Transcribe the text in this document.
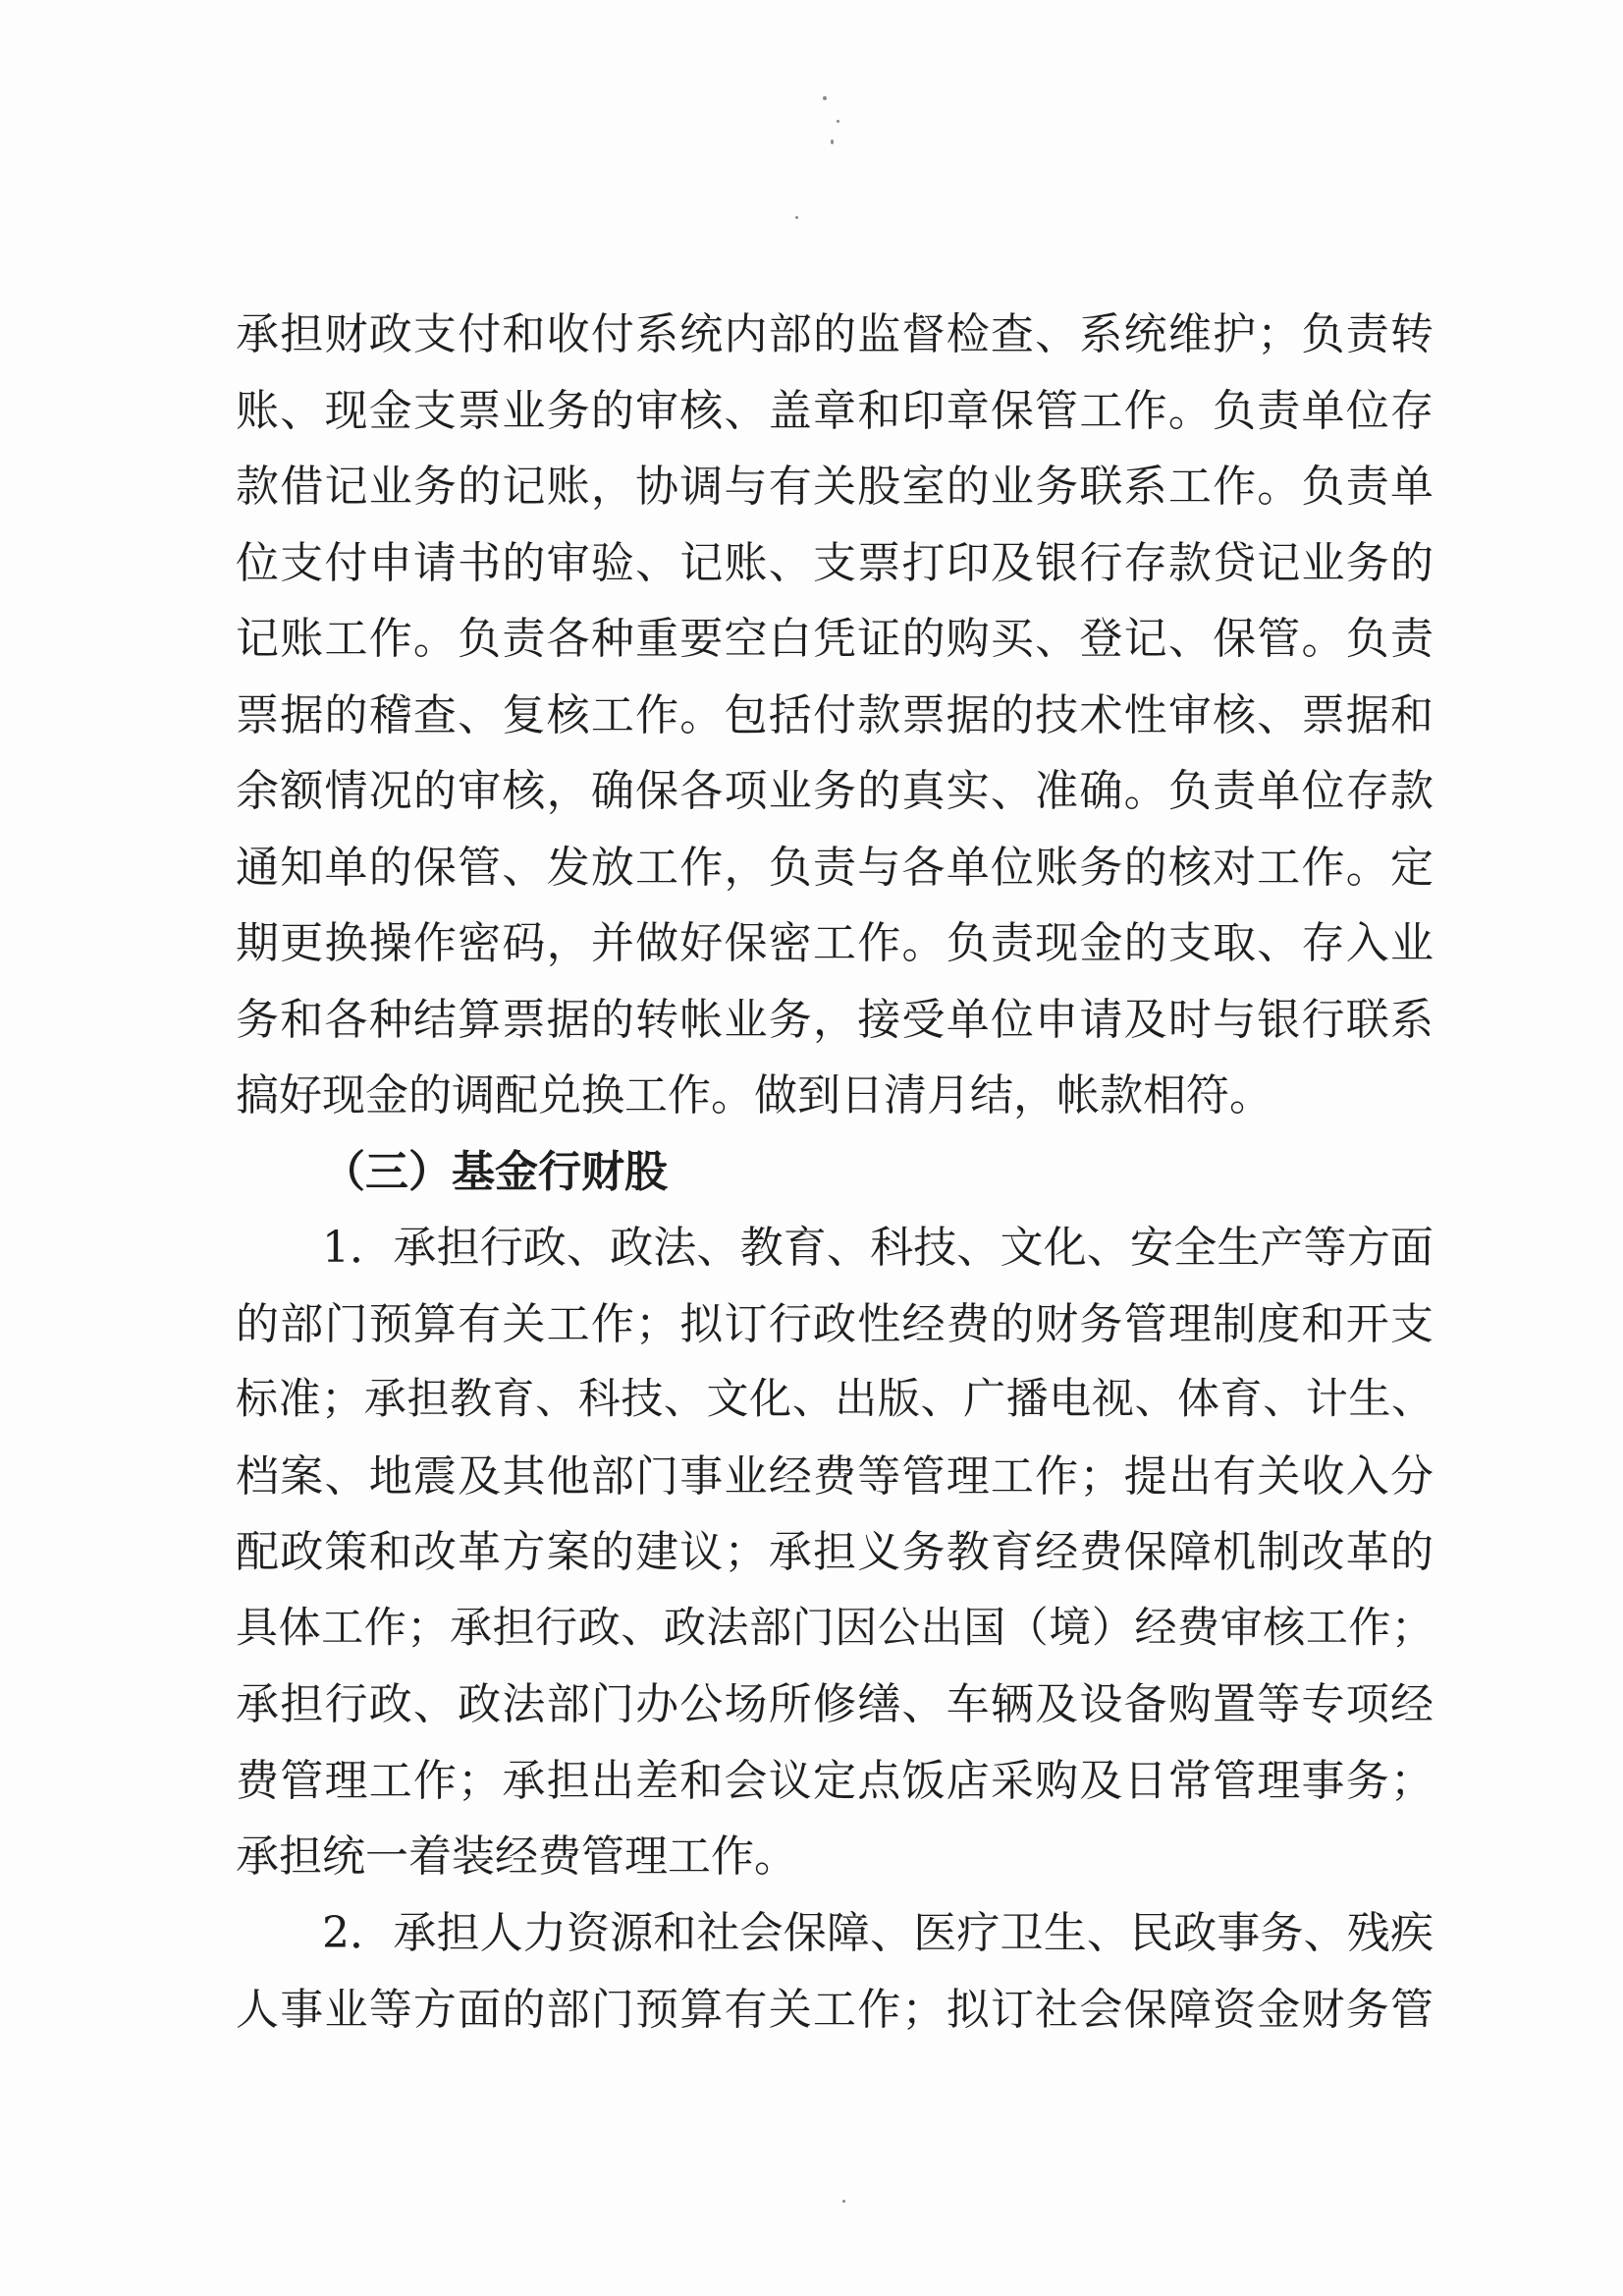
承担财政支付和收付系统内部的监督检查、系统维护；负责转
账、现金支票业务的审核、盖章和印章保管工作。负责单位存
款借记业务的记账，协调与有关股室的业务联系工作。负责单
位支付申请书的审验、记账、支票打印及银行存款贷记业务的
记账工作。负责各种重要空白凭证的购买、登记、保管。负责
票据的稽查、复核工作。包括付款票据的技术性审核、票据和
余额情况的审核，确保各项业务的真实、准确。负责单位存款
通知单的保管、发放工作，负责与各单位账务的核对工作。定
期更换操作密码，并做好保密工作。负责现金的支取、存入业
务和各种结算票据的转帐业务，接受单位申请及时与银行联系
搞好现金的调配兑换工作。做到日清月结，帐款相符。
（三）基金行财股
1．承担行政、政法、教育、科技、文化、安全生产等方面
的部门预算有关工作；拟订行政性经费的财务管理制度和开支
标准；承担教育、科技、文化、出版、广播电视、体育、计生、
档案、地震及其他部门事业经费等管理工作；提出有关收入分
配政策和改革方案的建议；承担义务教育经费保障机制改革的
具体工作；承担行政、政法部门因公出国（境）经费审核工作；
承担行政、政法部门办公场所修缮、车辆及设备购置等专项经
费管理工作；承担出差和会议定点饭店采购及日常管理事务；
承担统一着装经费管理工作。
2．承担人力资源和社会保障、医疗卫生、民政事务、残疾
人事业等方面的部门预算有关工作；拟订社会保障资金财务管
